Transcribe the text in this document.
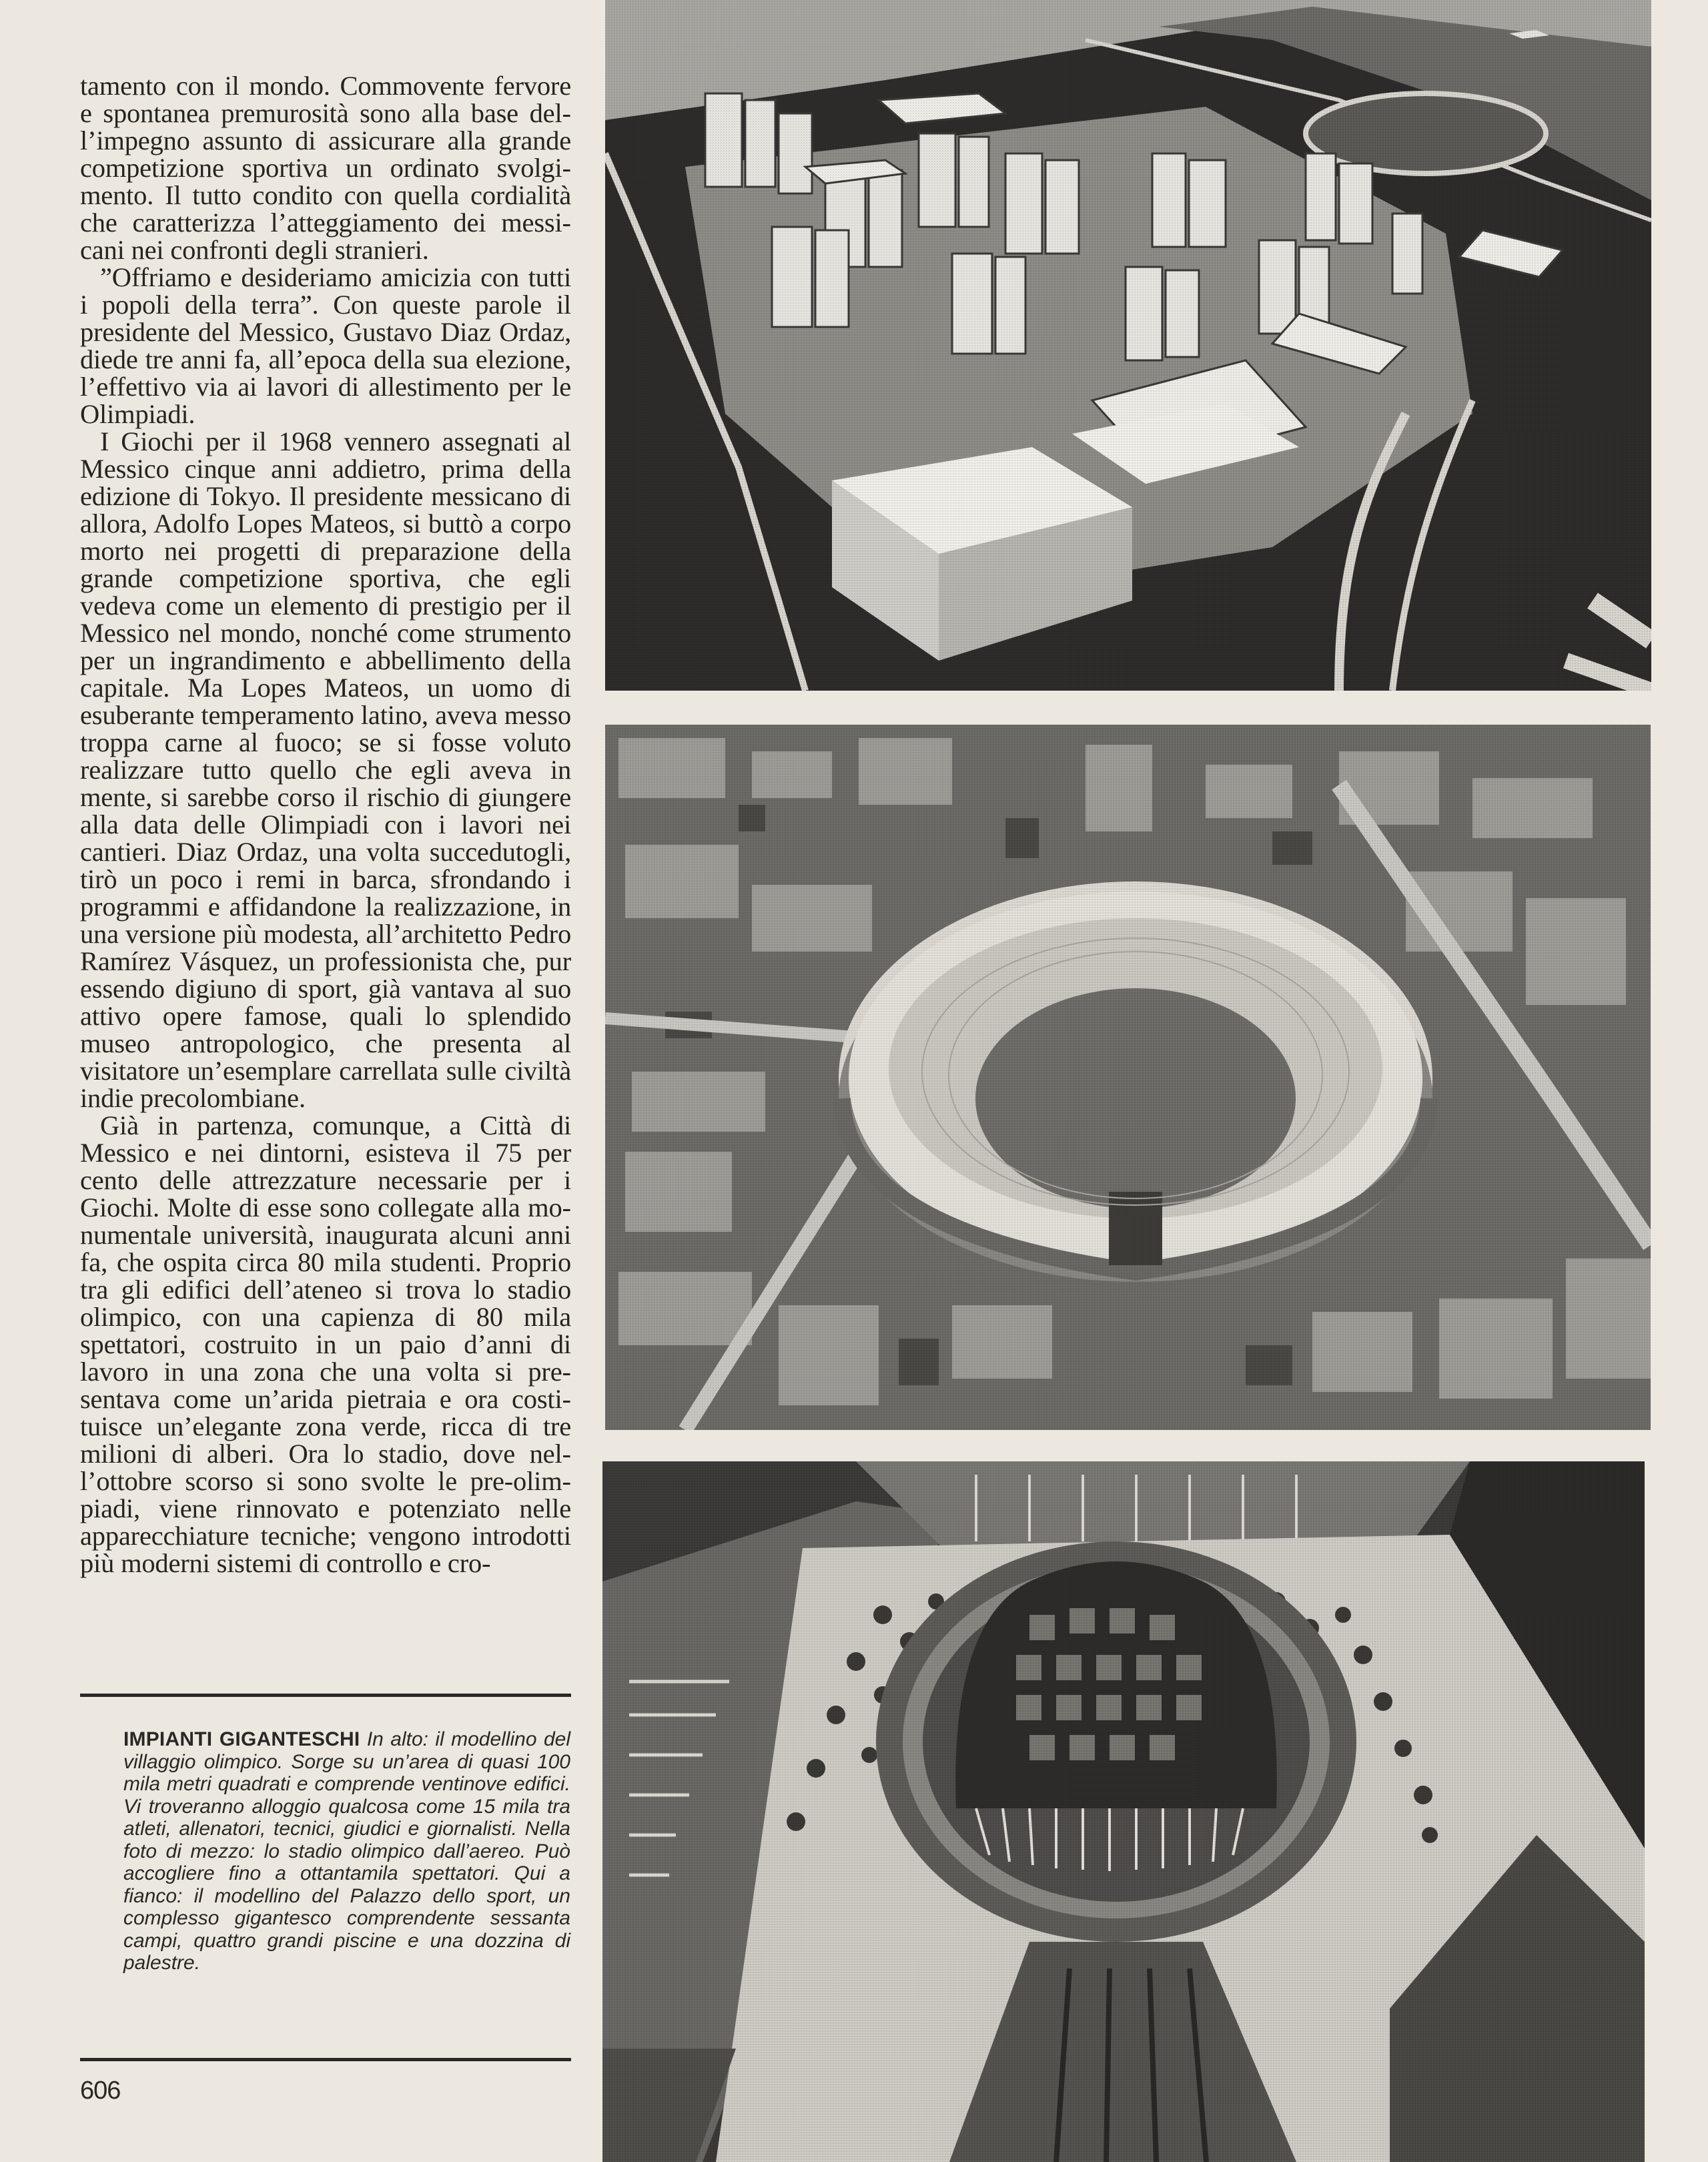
tamento con il mondo. Commovente fervore e spontanea premurosità sono alla base dell’impegno assunto di assicurare alla grande competizione sportiva un ordinato svolgimento. Il tutto condito con quella cordialità che caratterizza l’atteggiamento dei messicani nei confronti degli stranieri.

”Offriamo e desideriamo amicizia con tutti i popoli della terra”. Con queste parole il presidente del Messico, Gustavo Diaz Ordaz, diede tre anni fa, all’epoca della sua elezione, l’effettivo via ai lavori di allestimento per le Olimpiadi.

I Giochi per il 1968 vennero assegnati al Messico cinque anni addietro, prima della edizione di Tokyo. Il presidente messicano di allora, Adolfo Lopes Mateos, si buttò a corpo morto nei progetti di preparazione della grande competizione sportiva, che egli vedeva come un elemento di prestigio per il Messico nel mondo, nonché come strumento per un ingrandimento e abbellimento della capitale. Ma Lopes Mateos, un uomo di esuberante temperamento latino, aveva messo troppa carne al fuoco; se si fosse voluto realizzare tutto quello che egli aveva in mente, si sarebbe corso il rischio di giungere alla data delle Olimpiadi con i lavori nei cantieri. Diaz Ordaz, una volta succedutogli, tirò un poco i remi in barca, sfrondando i programmi e affidandone la realizzazione, in una versione più modesta, all’architetto Pedro Ramírez Vásquez, un professionista che, pur essendo digiuno di sport, già vantava al suo attivo opere famose, quali lo splendido museo antropologico, che presenta al visitatore un’esemplare carrellata sulle civiltà indie precolombiane.

Già in partenza, comunque, a Città di Messico e nei dintorni, esisteva il 75 per cento delle attrezzature necessarie per i Giochi. Molte di esse sono collegate alla monumentale università, inaugurata alcuni anni fa, che ospita circa 80 mila studenti. Proprio tra gli edifici dell’ateneo si trova lo stadio olimpico, con una capienza di 80 mila spettatori, costruito in un paio d’anni di lavoro in una zona che una volta si presentava come un’arida pietraia e ora costituisce un’elegante zona verde, ricca di tre milioni di alberi. Ora lo stadio, dove nell’ottobre scorso si sono svolte le pre-olimpiadi, viene rinnovato e potenziato nelle apparecchiature tecniche; vengono introdotti più moderni sistemi di controllo e cro-

IMPIANTI GIGANTESCHI In alto: il modellino del villaggio olimpico. Sorge su un’area di quasi 100 mila metri quadrati e comprende ventinove edifici. Vi troveranno alloggio qualcosa come 15 mila tra atleti, allenatori, tecnici, giudici e giornalisti. Nella foto di mezzo: lo stadio olimpico dall’aereo. Può accogliere fino a ottantamila spettatori. Qui a fianco: il modellino del Palazzo dello sport, un complesso gigantesco comprendente sessanta campi, quattro grandi piscine e una dozzina di palestre.
606
